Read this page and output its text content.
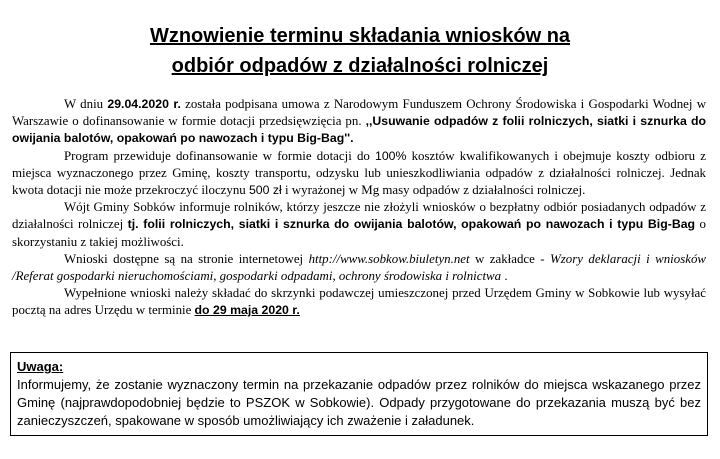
Wznowienie terminu składania wniosków na
odbiór odpadów z działalności rolniczej

W dniu 29.04.2020 r. została podpisana umowa z Narodowym Funduszem Ochrony Środowiska i Gospodarki Wodnej w Warszawie o dofinansowanie w formie dotacji przedsięwzięcia pn. ,,Usuwanie odpadów z folii rolniczych, siatki i sznurka do owijania balotów, opakowań po nawozach i typu Big-Bag''.

Program przewiduje dofinansowanie w formie dotacji do 100% kosztów kwalifikowanych i obejmuje koszty odbioru z miejsca wyznaczonego przez Gminę, koszty transportu, odzysku lub unieszkodliwiania odpadów z działalności rolniczej. Jednak kwota dotacji nie może przekroczyć iloczynu 500 zł i wyrażonej w Mg masy odpadów z działalności rolniczej.

Wójt Gminy Sobków informuje rolników, którzy jeszcze nie złożyli wniosków o bezpłatny odbiór posiadanych odpadów z działalności rolniczej tj. folii rolniczych, siatki i sznurka do owijania balotów, opakowań po nawozach i typu Big-Bag o skorzystaniu z takiej możliwości.

Wnioski dostępne są na stronie internetowej http://www.sobkow.biuletyn.net w zakładce - Wzory deklaracji i wniosków /Referat gospodarki nieruchomościami, gospodarki odpadami, ochrony środowiska i rolnictwa .

Wypełnione wnioski należy składać do skrzynki podawczej umieszczonej przed Urzędem Gminy w Sobkowie lub wysyłać pocztą na adres Urzędu w terminie do 29 maja 2020 r.

Uwaga:

Informujemy, że zostanie wyznaczony termin na przekazanie odpadów przez rolników do miejsca wskazanego przez Gminę (najprawdopodobniej będzie to PSZOK w Sobkowie). Odpady przygotowane do przekazania muszą być bez zanieczyszczeń, spakowane w sposób umożliwiający ich zważenie i załadunek.
